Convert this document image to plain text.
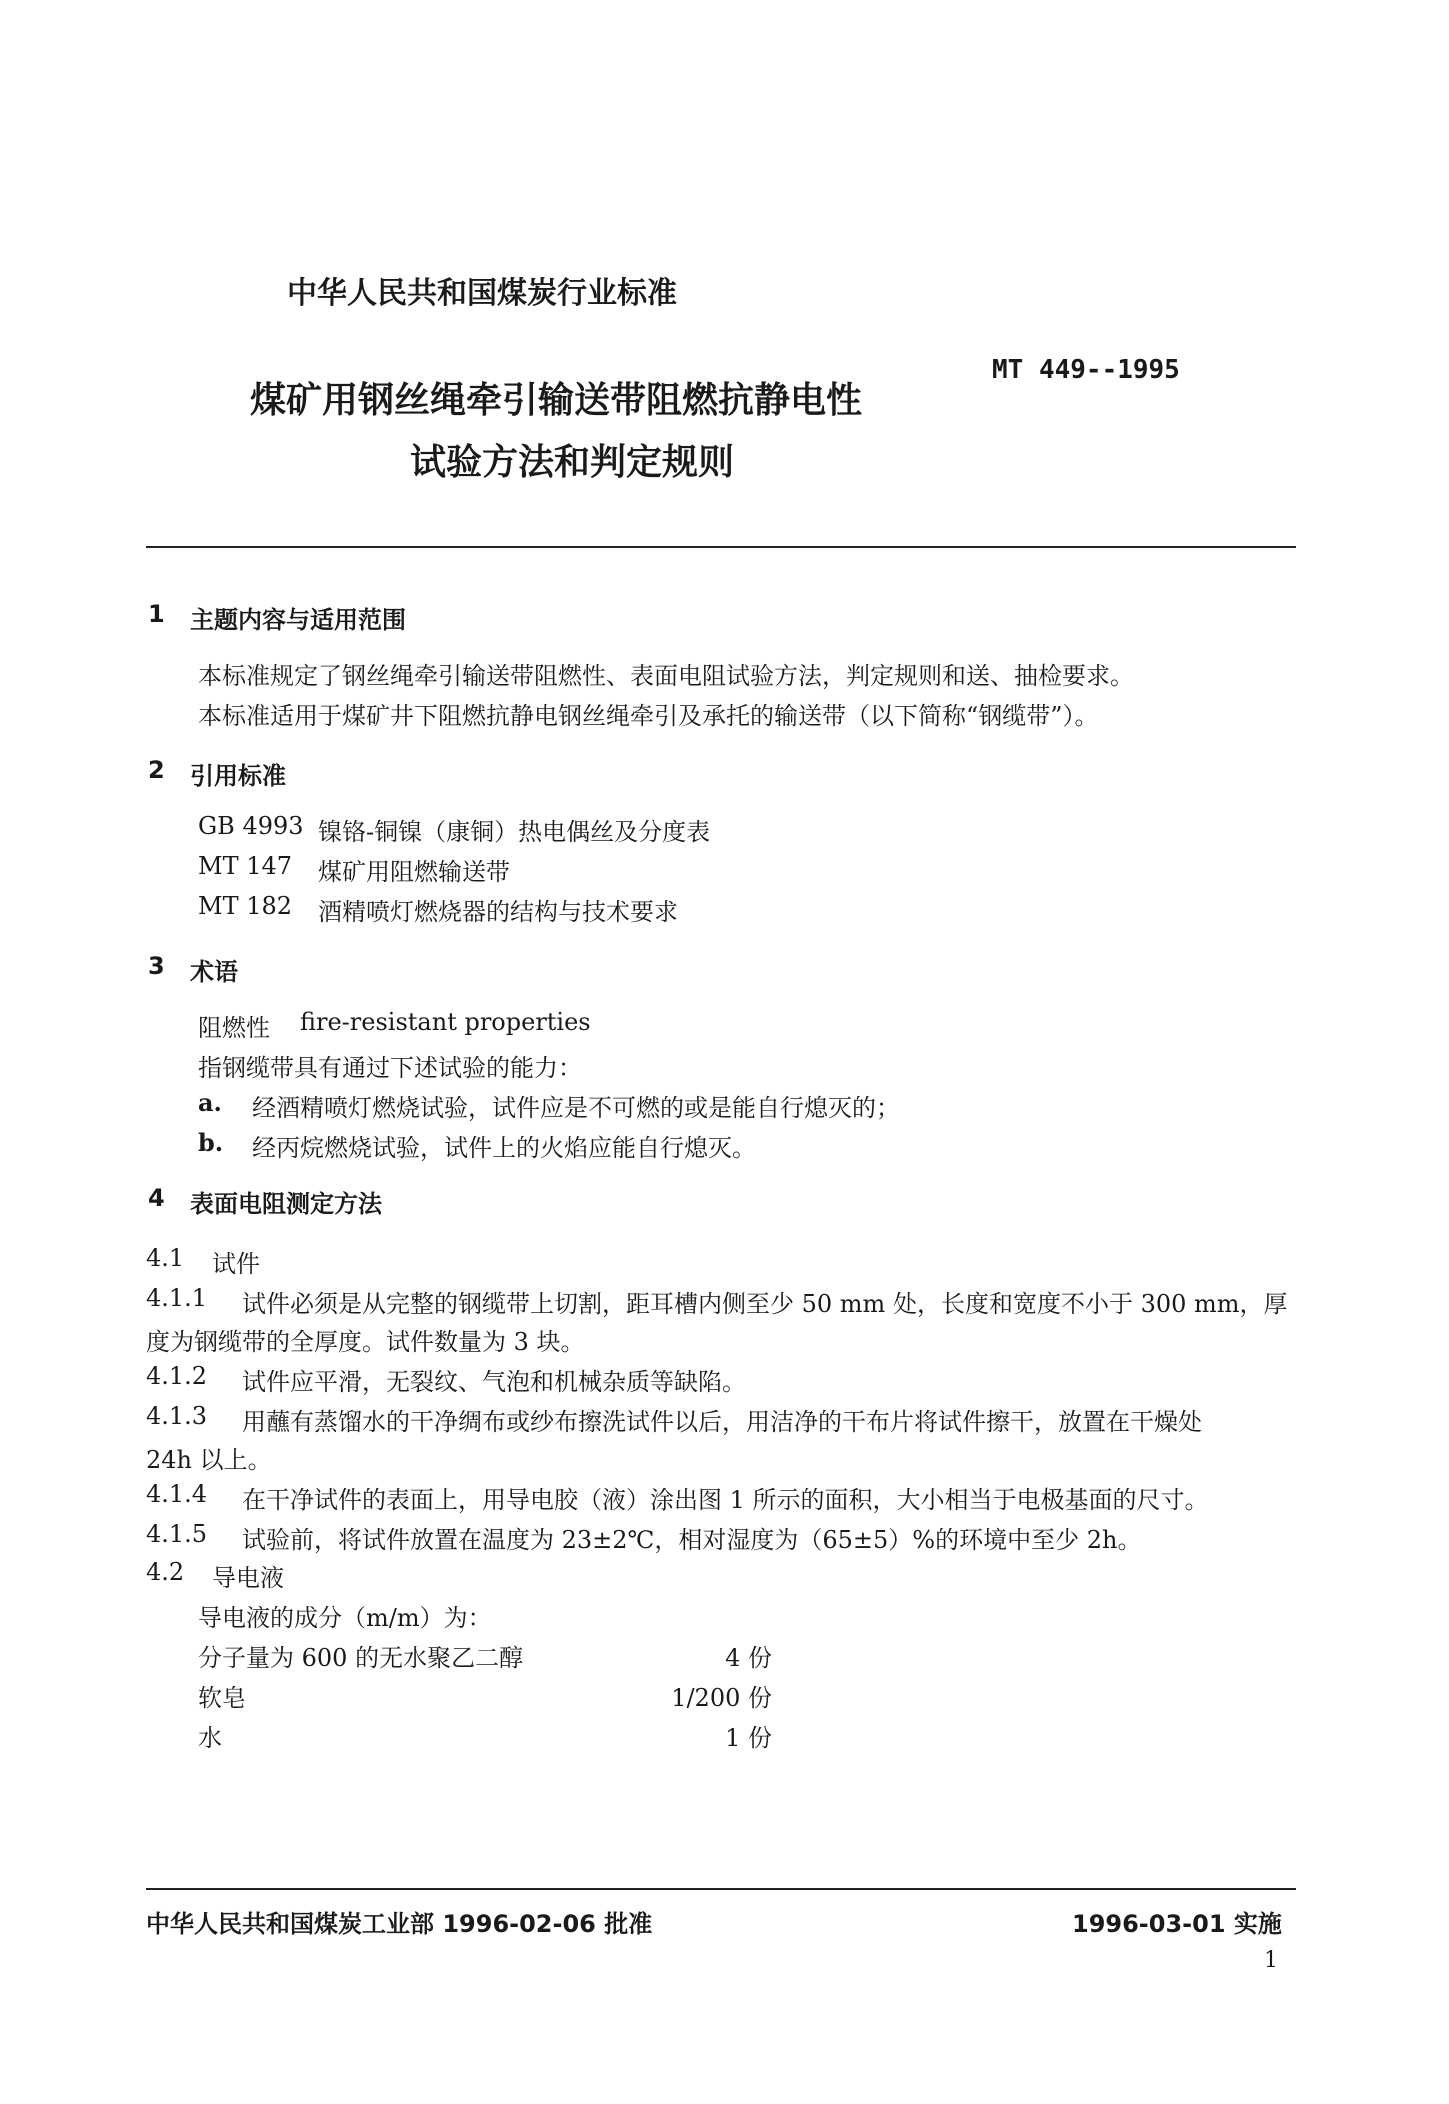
中华人民共和国煤炭行业标准
煤矿用钢丝绳牵引输送带阻燃抗静电性
试验方法和判定规则
MT 449--1995
1 主题内容与适用范围
本标准规定了钢丝绳牵引输送带阻燃性、表面电阻试验方法，判定规则和送、抽检要求。
本标准适用于煤矿井下阻燃抗静电钢丝绳牵引及承托的输送带（以下简称“钢缆带”）。
2 引用标准
GB 4993 镍铬-铜镍（康铜）热电偶丝及分度表
MT 147 煤矿用阻燃输送带
MT 182 酒精喷灯燃烧器的结构与技术要求
3 术语
阻燃性 fire-resistant properties
指钢缆带具有通过下述试验的能力：
a. 经酒精喷灯燃烧试验，试件应是不可燃的或是能自行熄灭的；
b. 经丙烷燃烧试验，试件上的火焰应能自行熄灭。
4 表面电阻测定方法
4.1 试件
4.1.1 试件必须是从完整的钢缆带上切割，距耳槽内侧至少 50 mm 处，长度和宽度不小于 300 mm，厚
度为钢缆带的全厚度。试件数量为 3 块。
4.1.2 试件应平滑，无裂纹、气泡和机械杂质等缺陷。
4.1.3 用蘸有蒸馏水的干净绸布或纱布擦洗试件以后，用洁净的干布片将试件擦干，放置在干燥处
24h 以上。
4.1.4 在干净试件的表面上，用导电胶（液）涂出图 1 所示的面积，大小相当于电极基面的尺寸。
4.1.5 试验前，将试件放置在温度为 23±2℃，相对湿度为（65±5）%的环境中至少 2h。
4.2 导电液
导电液的成分（m/m）为：
分子量为 600 的无水聚乙二醇	4 份
软皂	1/200 份
水	1 份
中华人民共和国煤炭工业部 1996-02-06 批准	1996-03-01 实施
1
